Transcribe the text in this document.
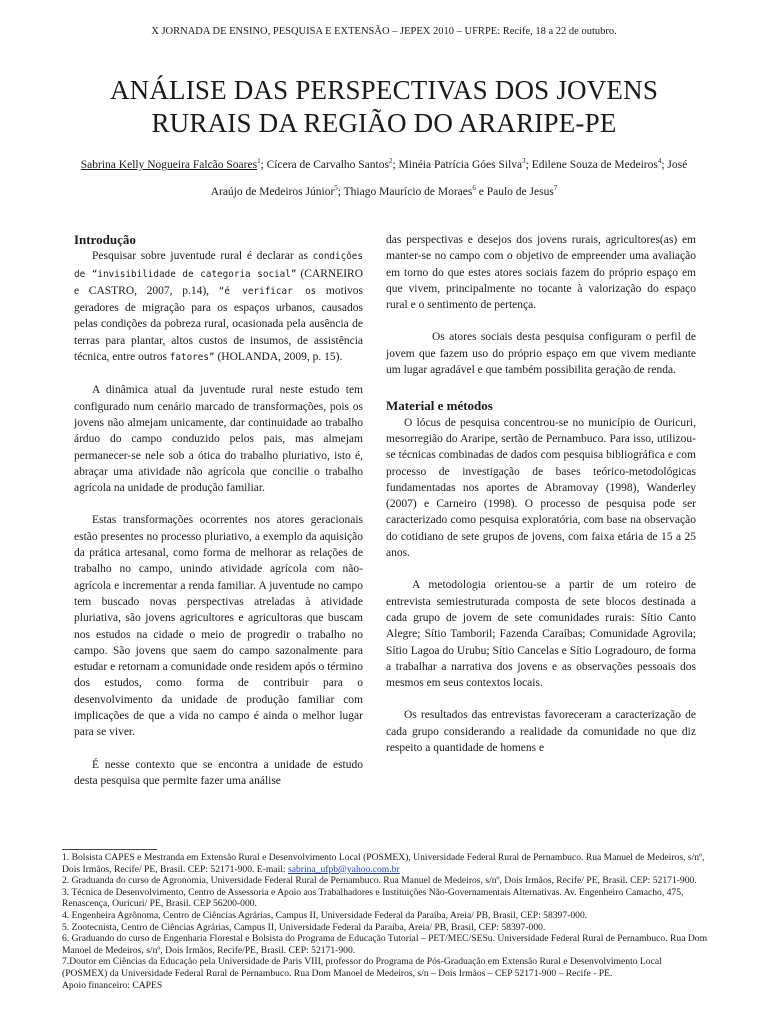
X JORNADA DE ENSINO, PESQUISA E EXTENSÃO – JEPEX 2010 – UFRPE: Recife, 18 a 22 de outubro.
ANÁLISE DAS PERSPECTIVAS DOS JOVENS
RURAIS DA REGIÃO DO ARARIPE-PE
Sabrina Kelly Nogueira Falcão Soares$^1$; Cícera de Carvalho Santos$^2$; Minéia Patrícia Góes Silva$^3$; Edilene Souza de Medeiros$^4$; José Araújo de Medeiros Júnior$^5$; Thiago Maurício de Moraes$^6$ e Paulo de Jesus$^7$

Introdução

Pesquisar sobre juventude rural é declarar as condições de “invisibilidade de categoria social” (CARNEIRO e CASTRO, 2007, p.14), “é verificar os motivos geradores de migração para os espaços urbanos, causados pelas condições da pobreza rural, ocasionada pela ausência de terras para plantar, altos custos de insumos, de assistência técnica, entre outros fatores” (HOLANDA, 2009, p. 15).

A dinâmica atual da juventude rural neste estudo tem configurado num cenário marcado de transformações, pois os jovens não almejam unicamente, dar continuidade ao trabalho árduo do campo conduzido pelos pais, mas almejam permanecer-se nele sob a ótica do trabalho pluriativo, isto é, abraçar uma atividade não agrícola que concilie o trabalho agrícola na unidade de produção familiar.

Estas transformações ocorrentes nos atores geracionais estão presentes no processo pluriativo, a exemplo da aquisição da prática artesanal, como forma de melhorar as relações de trabalho no campo, unindo atividade agrícola com não-agrícola e incrementar a renda familiar. A juventude no campo tem buscado novas perspectivas atreladas à atividade pluriativa, são jovens agricultores e agricultoras que buscam nos estudos na cidade o meio de progredir o trabalho no campo. São jovens que saem do campo sazonalmente para estudar e retornam a comunidade onde residem após o término dos estudos, como forma de contribuir para o desenvolvimento da unidade de produção familiar com implicações de que a vida no campo é ainda o melhor lugar para se viver.

É nesse contexto que se encontra a unidade de estudo desta pesquisa que permite fazer uma análise

das perspectivas e desejos dos jovens rurais, agricultores(as) em manter-se no campo com o objetivo de empreender uma avaliação em torno do que estes atores sociais fazem do próprio espaço em que vivem, principalmente no tocante à valorização do espaço rural e o sentimento de pertença.

Os atores sociais desta pesquisa configuram o perfil de jovem que fazem uso do próprio espaço em que vivem mediante um lugar agradável e que também possibilita geração de renda.

Material e métodos

O lócus de pesquisa concentrou-se no município de Ouricuri, mesorregião do Araripe, sertão de Pernambuco. Para isso, utilizou-se técnicas combinadas de dados com pesquisa bibliográfica e com processo de investigação de bases teórico-metodológicas fundamentadas nos aportes de Abramovay (1998), Wanderley (2007) e Carneiro (1998). O processo de pesquisa pode ser caracterizado como pesquisa exploratória, com base na observação do cotidiano de sete grupos de jovens, com faixa etária de 15 a 25 anos.

A metodologia orientou-se a partir de um roteiro de entrevista semiestruturada composta de sete blocos destinada a cada grupo de jovem de sete comunidades rurais: Sítio Canto Alegre; Sítio Tamboril; Fazenda Caraíbas; Comunidade Agrovila; Sítio Lagoa do Urubu; Sítio Cancelas e Sítio Logradouro, de forma a trabalhar a narrativa dos jovens e as observações pessoais dos mesmos em seus contextos locais.

Os resultados das entrevistas favoreceram a caracterização de cada grupo considerando a realidade da comunidade no que diz respeito a quantidade de homens e

1. Bolsista CAPES e Mestranda em Extensão Rural e Desenvolvimento Local (POSMEX), Universidade Federal Rural de Pernambuco. Rua Manuel de Medeiros, s/nº, Dois Irmãos, Recife/ PE, Brasil. CEP: 52171-900. E-mail: sabrina_ufpb@yahoo.com.br
2. Graduanda do curso de Agronomia, Universidade Federal Rural de Pernambuco. Rua Manuel de Medeiros, s/nº, Dois Irmãos, Recife/ PE, Brasil. CEP: 52171-900.
3. Técnica de Desenvolvimento, Centro de Assessoria e Apoio aos Trabalhadores e Instituições Não-Governamentais Alternativas. Av. Engenheiro Camacho, 475, Renascença, Ouricuri/ PE, Brasil. CEP 56200-000.
4. Engenheira Agrônoma, Centro de Ciências Agrárias, Campus II, Universidade Federal da Paraíba, Areia/ PB, Brasil, CEP: 58397-000.
5. Zootecnista, Centro de Ciências Agrárias, Campus II, Universidade Federal da Paraíba, Areia/ PB, Brasil, CEP: 58397-000.
6. Graduando do curso de Engenharia Florestal e Bolsista do Programa de Educação Tutorial – PET/MEC/SESu. Universidade Federal Rural de Pernambuco. Rua Dom Manoel de Medeiros, s/nº, Dois Irmãos, Recife/PE, Brasil. CEP: 52171-900.
7.Doutor em Ciências da Educação pela Universidade de Paris VIII, professor do Programa de Pós-Graduação em Extensão Rural e Desenvolvimento Local (POSMEX) da Universidade Federal Rural de Pernambuco. Rua Dom Manoel de Medeiros, s/n – Dois Irmãos – CEP 52171-900 – Recife - PE.
Apoio financeiro: CAPES
